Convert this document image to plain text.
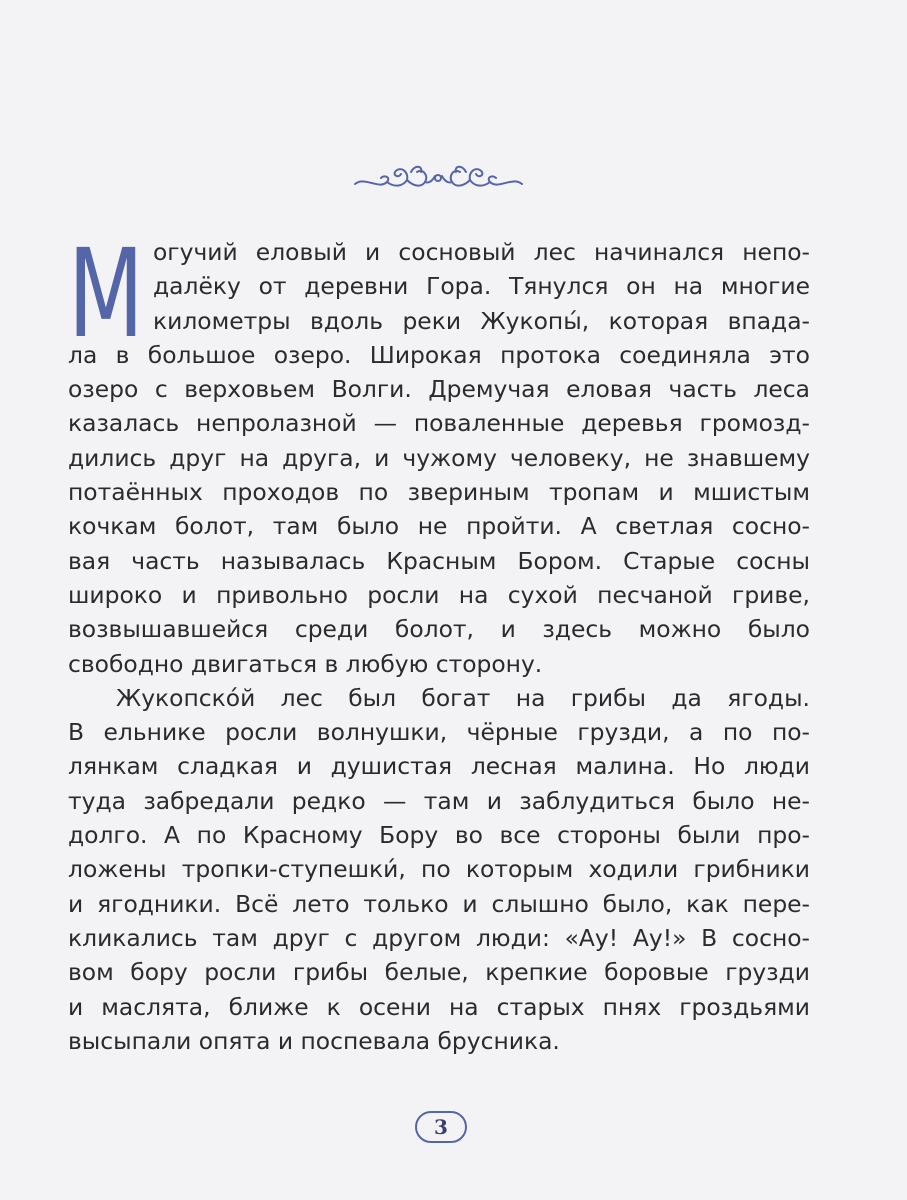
М огучий еловый и сосновый лес начинался непо-
далёку от деревни Гора. Тянулся он на многие
километры вдоль реки Жукопы́, которая впада-
ла в большое озеро. Широкая протока соединяла это
озеро с верховьем Волги. Дремучая еловая часть леса
казалась непролазной — поваленные деревья громозд-
дились друг на друга, и чужому человеку, не знавшему
потаённых проходов по звериным тропам и мшистым
кочкам болот, там было не пройти. А светлая сосно-
вая часть называлась Красным Бором. Старые сосны
широко и привольно росли на сухой песчаной гриве,
возвышавшейся среди болот, и здесь можно было
свободно двигаться в любую сторону.
Жукопско́й лес был богат на грибы да ягоды.
В ельнике росли волнушки, чёрные грузди, а по по-
лянкам сладкая и душистая лесная малина. Но люди
туда забредали редко — там и заблудиться было не-
долго. А по Красному Бору во все стороны были про-
ложены тропки-ступешки́, по которым ходили грибники
и ягодники. Всё лето только и слышно было, как пере-
кликались там друг с другом люди: «Ау! Ау!» В сосно-
вом бору росли грибы белые, крепкие боровые грузди
и маслята, ближе к осени на старых пнях гроздьями
высыпали опята и поспевала брусника.
3
